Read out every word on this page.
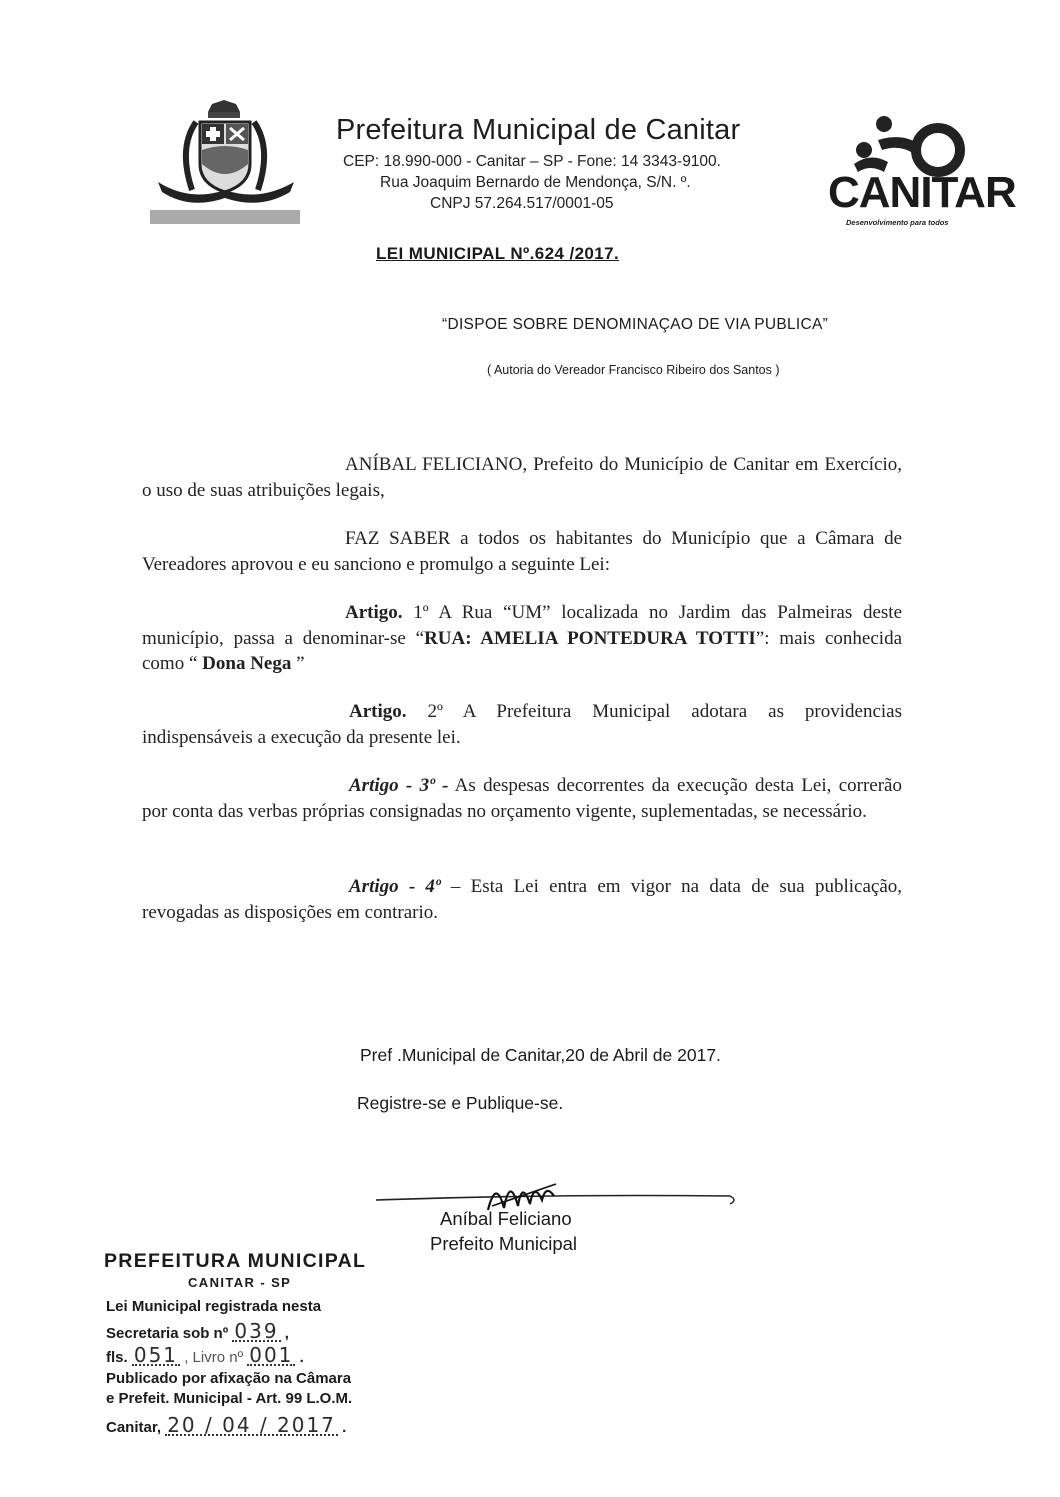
Prefeitura Municipal de Canitar
CEP: 18.990-000 - Canitar – SP - Fone: 14 3343-9100.
Rua Joaquim Bernardo de Mendonça, S/N. º.
CNPJ 57.264.517/0001-05	CANITAR
Desenvolvimento para todos
LEI MUNICIPAL Nº.624 /2017.
“DISPOE SOBRE DENOMINAÇAO DE VIA PUBLICA”
( Autoria do Vereador Francisco Ribeiro dos Santos )
ANÍBAL FELICIANO, Prefeito do Município de Canitar em Exercício, o uso de suas atribuições legais,
FAZ SABER a todos os habitantes do Município que a Câmara de Vereadores aprovou e eu sanciono e promulgo a seguinte Lei:
Artigo. 1º A Rua “UM” localizada no Jardim das Palmeiras deste município, passa a denominar-se “RUA: AMELIA PONTEDURA TOTTI”: mais conhecida como “ Dona Nega ”
Artigo. 2º A Prefeitura Municipal adotara as providencias indispensáveis a execução da presente lei.
Artigo - 3º - As despesas decorrentes da execução desta Lei, correrão por conta das verbas próprias consignadas no orçamento vigente, suplementadas, se necessário.
Artigo - 4º – Esta Lei entra em vigor na data de sua publicação, revogadas as disposições em contrario.
Pref .Municipal de Canitar,20 de Abril de 2017.
Registre-se e Publique-se.
Aníbal Feliciano
Prefeito Municipal
PREFEITURA MUNICIPAL
CANITAR - SP
Lei Municipal registrada nesta
Secretaria sob nº 039 ,
fls. 051 , Livro nº 001 .
Publicado por afixação na Câmara
e Prefeit. Municipal - Art. 99 L.O.M.
Canitar, 20 / 04 / 2017 .
